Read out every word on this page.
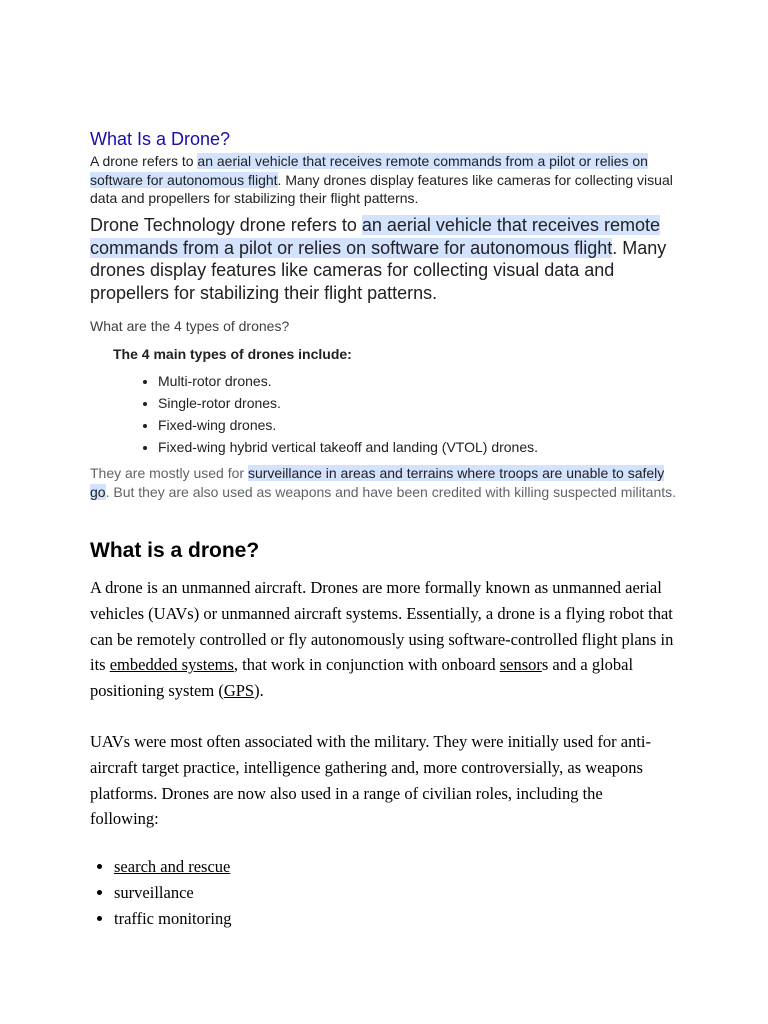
What Is a Drone?

A drone refers to an aerial vehicle that receives remote commands from a pilot or relies on software for autonomous flight. Many drones display features like cameras for collecting visual data and propellers for stabilizing their flight patterns.

Drone Technology drone refers to an aerial vehicle that receives remote commands from a pilot or relies on software for autonomous flight. Many drones display features like cameras for collecting visual data and propellers for stabilizing their flight patterns.

What are the 4 types of drones?

The 4 main types of drones include:

• Multi-rotor drones.
• Single-rotor drones.
• Fixed-wing drones.
• Fixed-wing hybrid vertical takeoff and landing (VTOL) drones.

They are mostly used for surveillance in areas and terrains where troops are unable to safely go. But they are also used as weapons and have been credited with killing suspected militants.

What is a drone?

A drone is an unmanned aircraft. Drones are more formally known as unmanned aerial vehicles (UAVs) or unmanned aircraft systems. Essentially, a drone is a flying robot that can be remotely controlled or fly autonomously using software-controlled flight plans in its embedded systems, that work in conjunction with onboard sensors and a global positioning system (GPS).

UAVs were most often associated with the military. They were initially used for anti-aircraft target practice, intelligence gathering and, more controversially, as weapons platforms. Drones are now also used in a range of civilian roles, including the following:

• search and rescue
• surveillance
• traffic monitoring
